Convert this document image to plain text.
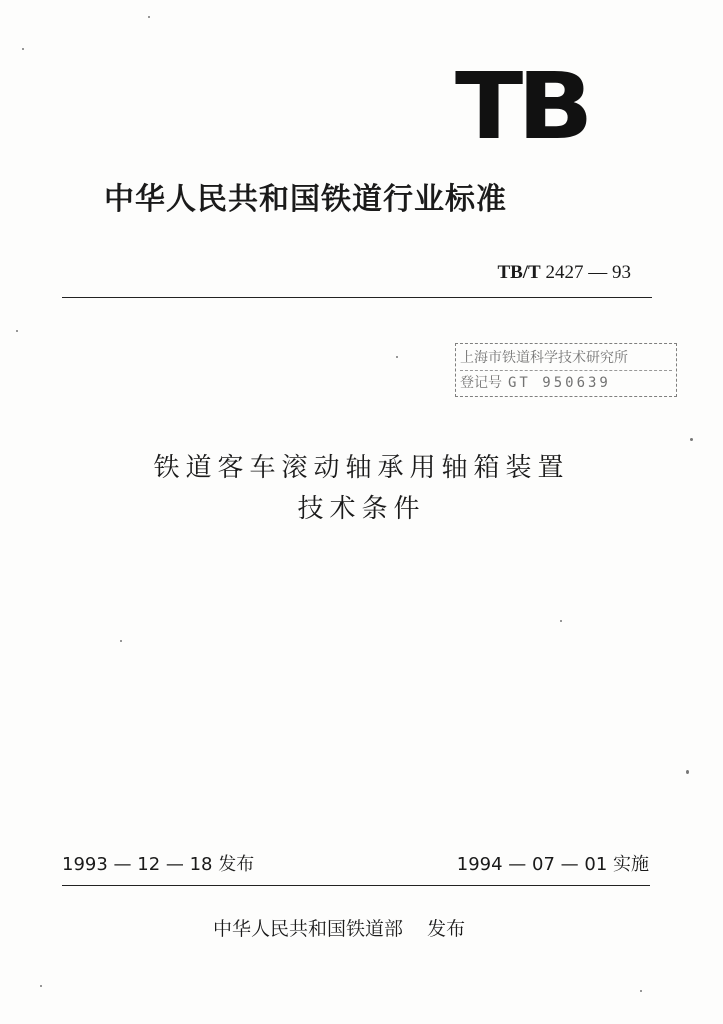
TB
中华人民共和国铁道行业标准
TB/T 2427 — 93
上海市铁道科学技术研究所
登记号 GT 950639
铁道客车滚动轴承用轴箱装置
技术条件
1993 — 12 — 18 发布	1994 — 07 — 01 实施
中华人民共和国铁道部 发布
